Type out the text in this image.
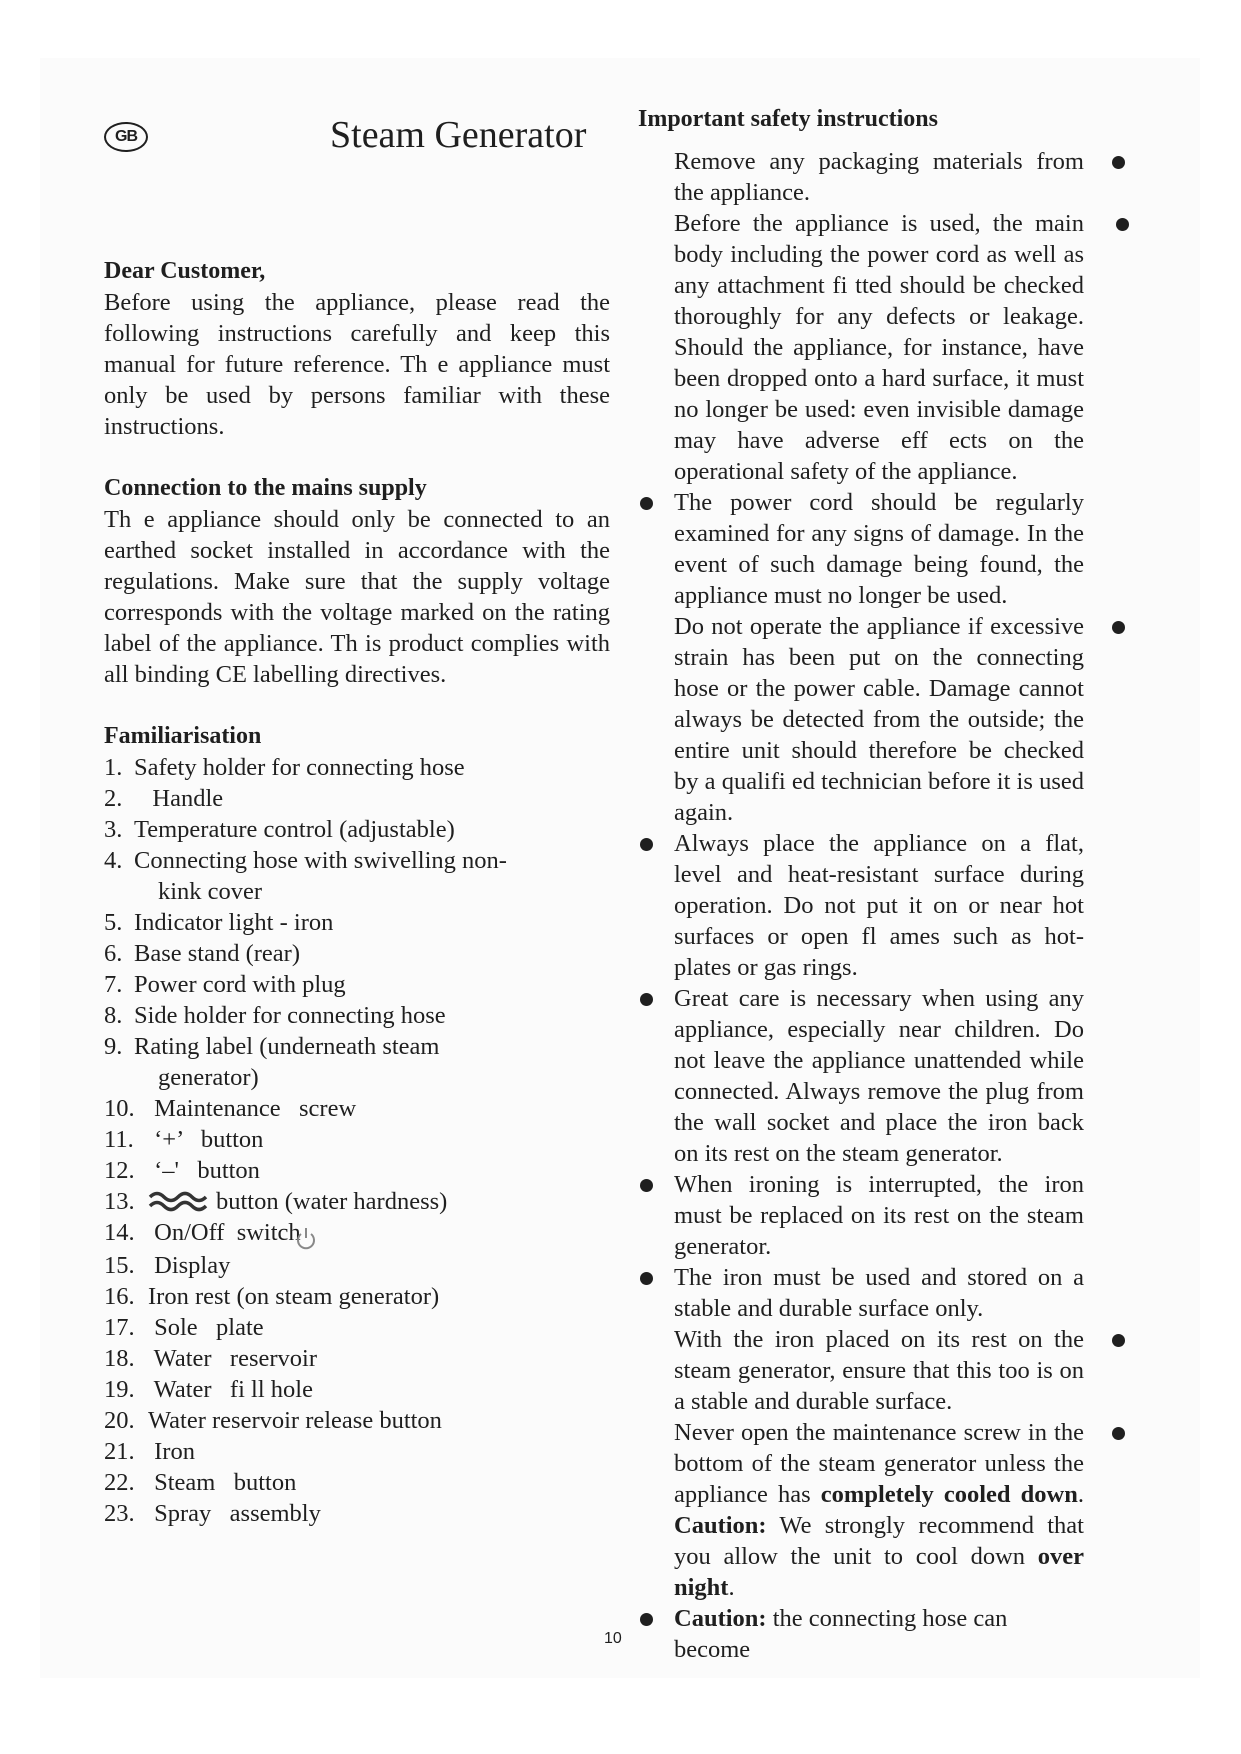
GB	Steam Generator
Dear Customer,

Before using the appliance, please read the following instructions carefully and keep this manual for future reference. Th e appliance must only be used by persons familiar with these instructions.

Connection to the mains supply

Th e appliance should only be connected to an earthed socket installed in accordance with the regulations. Make sure that the supply voltage corresponds with the voltage marked on the rating label of the appliance. Th is product complies with all binding CE labelling directives.

Familiarisation
1. Safety holder for connecting hose
2. Handle
3. Temperature control (adjustable)
4. Connecting hose with swivelling non-
kink cover
5. Indicator light - iron
6. Base stand (rear)
7. Power cord with plug
8. Side holder for connecting hose
9. Rating label (underneath steam
generator)
10. Maintenance   screw
11. ‘+’   button
12. ‘–'   button
13.	button (water hardness)
14. On/Off  switch
15. Display
16. Iron rest (on steam generator)
17. Sole   plate
18. Water   reservoir
19. Water   fi ll hole
20. Water reservoir release button
21. Iron
22. Steam   button
23. Spray   assembly
Important safety instructions
Remove any packaging materials from the appliance.
Before the appliance is used, the main body including the power cord as well as any attachment fi tted should be checked thoroughly for any defects or leakage. Should the appliance, for instance, have been dropped onto a hard surface, it must no longer be used: even invisible damage may have adverse eff ects on the operational safety of the appliance.
The power cord should be regularly examined for any signs of damage. In the event of such damage being found, the appliance must no longer be used.
Do not operate the appliance if excessive strain has been put on the connecting hose or the power cable. Damage cannot always be detected from the outside; the entire unit should therefore be checked by a qualifi ed technician before it is used again.
Always place the appliance on a flat, level and heat-resistant surface during operation. Do not put it on or near hot surfaces or open fl ames such as hot-plates or gas rings.
Great care is necessary when using any appliance, especially near children. Do not leave the appliance unattended while connected. Always remove the plug from the wall socket and place the iron back on its rest on the steam generator.
When ironing is interrupted, the iron must be replaced on its rest on the steam generator.
The iron must be used and stored on a stable and durable surface only.
With the iron placed on its rest on the steam generator, ensure that this too is on a stable and durable surface.
Never open the maintenance screw in the bottom of the steam generator unless the appliance has completely cooled down. Caution: We strongly recommend that you allow the unit to cool down over night.
Caution: the connecting hose can become
10
